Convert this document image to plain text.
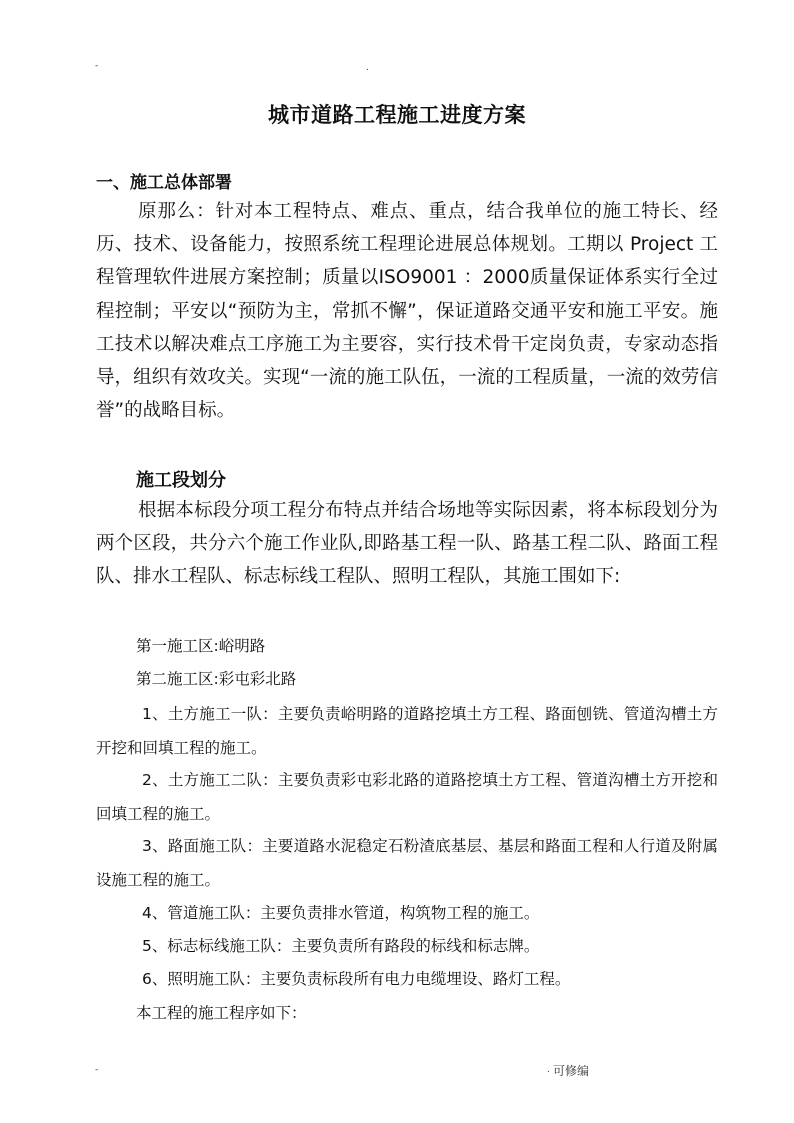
-	.
城市道路工程施工进度方案
一、施工总体部署

原那么：针对本工程特点、难点、重点，结合我单位的施工特长、经历、技术、设备能力，按照系统工程理论进展总体规划。工期以 Project 工程管理软件进展方案控制；质量以ISO9001 ：2000质量保证体系实行全过程控制；平安以“预防为主，常抓不懈”，保证道路交通平安和施工平安。施工技术以解决难点工序施工为主要容，实行技术骨干定岗负责，专家动态指导，组织有效攻关。实现“一流的施工队伍，一流的工程质量，一流的效劳信誉”的战略目标。

施工段划分

根据本标段分项工程分布特点并结合场地等实际因素，将本标段划分为两个区段，共分六个施工作业队,即路基工程一队、路基工程二队、路面工程队、排水工程队、标志标线工程队、照明工程队，其施工围如下:

第一施工区:峪明路

第二施工区:彩屯彩北路

1、土方施工一队：主要负责峪明路的道路挖填土方工程、路面刨铣、管道沟槽土方开挖和回填工程的施工。

2、土方施工二队：主要负责彩屯彩北路的道路挖填土方工程、管道沟槽土方开挖和回填工程的施工。

3、路面施工队：主要道路水泥稳定石粉渣底基层、基层和路面工程和人行道及附属设施工程的施工。

4、管道施工队：主要负责排水管道，构筑物工程的施工。

5、标志标线施工队：主要负责所有路段的标线和标志牌。

6、照明施工队：主要负责标段所有电力电缆埋设、路灯工程。

本工程的施工程序如下：

-	. 可修编
